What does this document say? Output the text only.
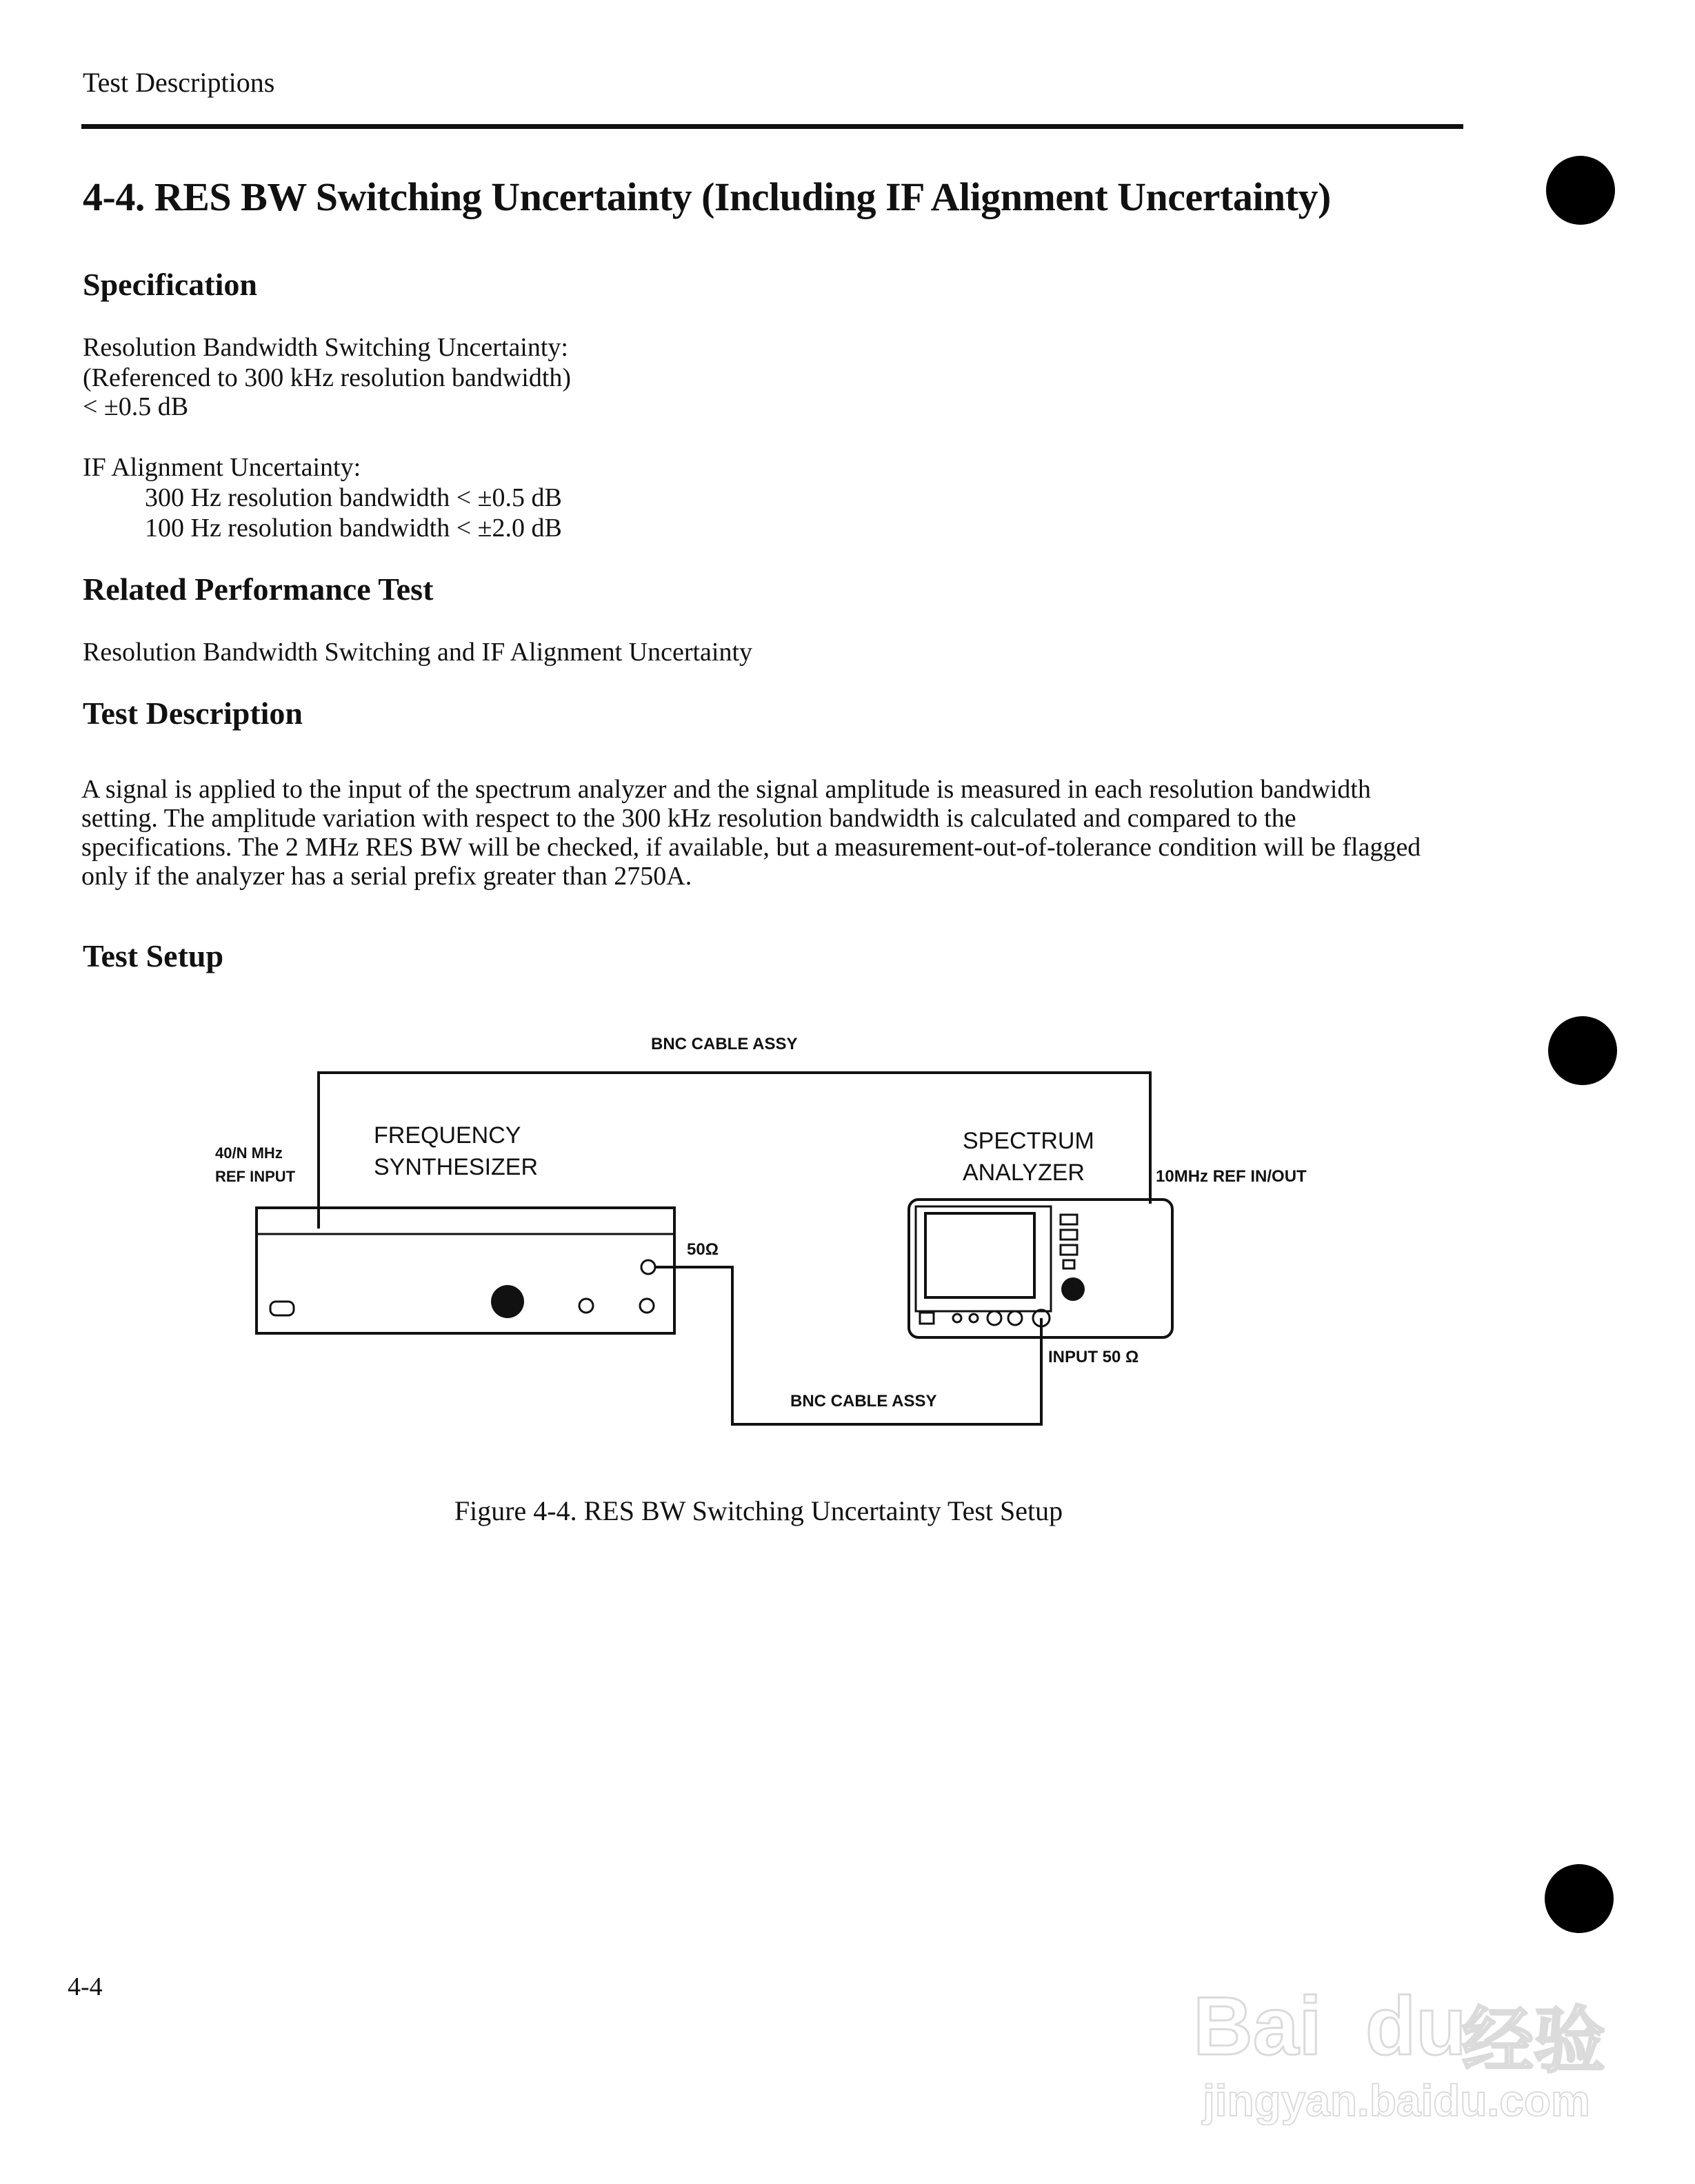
Test Descriptions
4-4. RES BW Switching Uncertainty (Including IF Alignment Uncertainty)
Specification
Resolution Bandwidth Switching Uncertainty:
(Referenced to 300 kHz resolution bandwidth)
< ±0.5 dB
IF Alignment Uncertainty:
300 Hz resolution bandwidth < ±0.5 dB
100 Hz resolution bandwidth < ±2.0 dB
Related Performance Test
Resolution Bandwidth Switching and IF Alignment Uncertainty
Test Description
A signal is applied to the input of the spectrum analyzer and the signal amplitude is measured in each resolution bandwidth setting. The amplitude variation with respect to the 300 kHz resolution bandwidth is calculated and compared to the specifications. The 2 MHz RES BW will be checked, if available, but a measurement-out-of-tolerance condition will be flagged only if the analyzer has a serial prefix greater than 2750A.
Test Setup
BNC CABLE ASSY
FREQUENCY
SYNTHESIZER
40/N MHz
REF INPUT
50Ω
BNC CABLE ASSY
SPECTRUM
ANALYZER	10MHz REF IN/OUT
INPUT 50 Ω
Figure 4-4. RES BW Switching Uncertainty Test Setup
4-4	Bai du
经验
jingyan.baidu.com
